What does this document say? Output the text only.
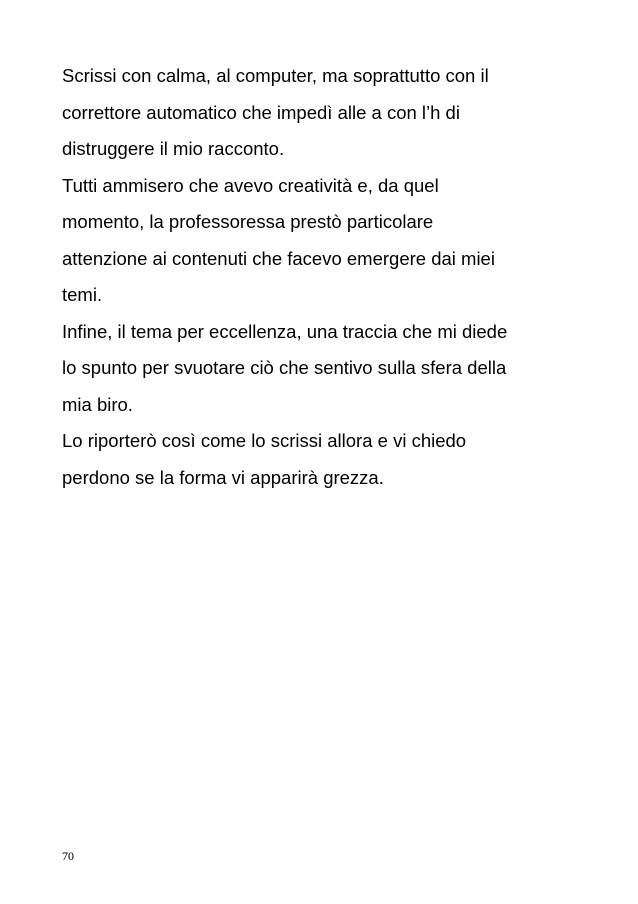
Scrissi con calma, al computer, ma soprattutto con il
correttore automatico che impedì alle a con l’h di
distruggere il mio racconto.
Tutti ammisero che avevo creatività e, da quel
momento, la professoressa prestò particolare
attenzione ai contenuti che facevo emergere dai miei
temi.
Infine, il tema per eccellenza, una traccia che mi diede
lo spunto per svuotare ciò che sentivo sulla sfera della
mia biro.
Lo riporterò così come lo scrissi allora e vi chiedo
perdono se la forma vi apparirà grezza.
70
